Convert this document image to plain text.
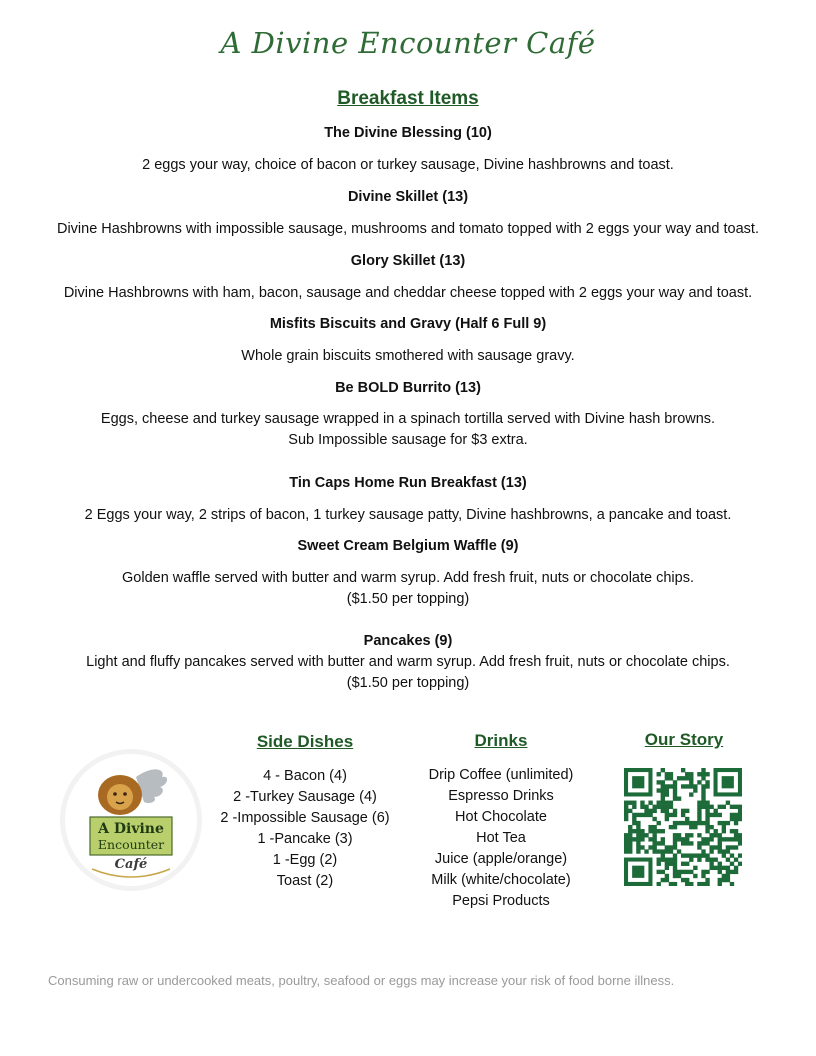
A Divine Encounter Café
Breakfast Items
The Divine Blessing (10)
2 eggs your way, choice of bacon or turkey sausage, Divine hashbrowns and toast.
Divine Skillet (13)
Divine Hashbrowns with impossible sausage, mushrooms and tomato topped with 2 eggs your way and toast.
Glory Skillet (13)
Divine Hashbrowns with ham, bacon, sausage and cheddar cheese topped with 2 eggs your way and toast.
Misfits Biscuits and Gravy (Half 6 Full 9)
Whole grain biscuits smothered with sausage gravy.
Be BOLD Burrito (13)
Eggs, cheese and turkey sausage wrapped in a spinach tortilla served with Divine hash browns.
Sub Impossible sausage for $3 extra.
Tin Caps Home Run Breakfast (13)
2 Eggs your way, 2 strips of bacon, 1 turkey sausage patty, Divine hashbrowns, a pancake and toast.
Sweet Cream Belgium Waffle (9)
Golden waffle served with butter and warm syrup. Add fresh fruit, nuts or chocolate chips.
($1.50 per topping)
Pancakes (9)
Light and fluffy pancakes served with butter and warm syrup. Add fresh fruit, nuts or chocolate chips.
($1.50 per topping)
A Divine
Encounter
Café
Side Dishes
4 - Bacon (4)
2 -Turkey Sausage (4)
2 -Impossible Sausage (6)
1 -Pancake (3)
1 -Egg (2)
Toast (2)
Drinks
Drip Coffee (unlimited)
Espresso Drinks
Hot Chocolate
Hot Tea
Juice (apple/orange)
Milk (white/chocolate)
Pepsi Products
Our Story
Consuming raw or undercooked meats, poultry, seafood or eggs may increase your risk of food borne illness.
